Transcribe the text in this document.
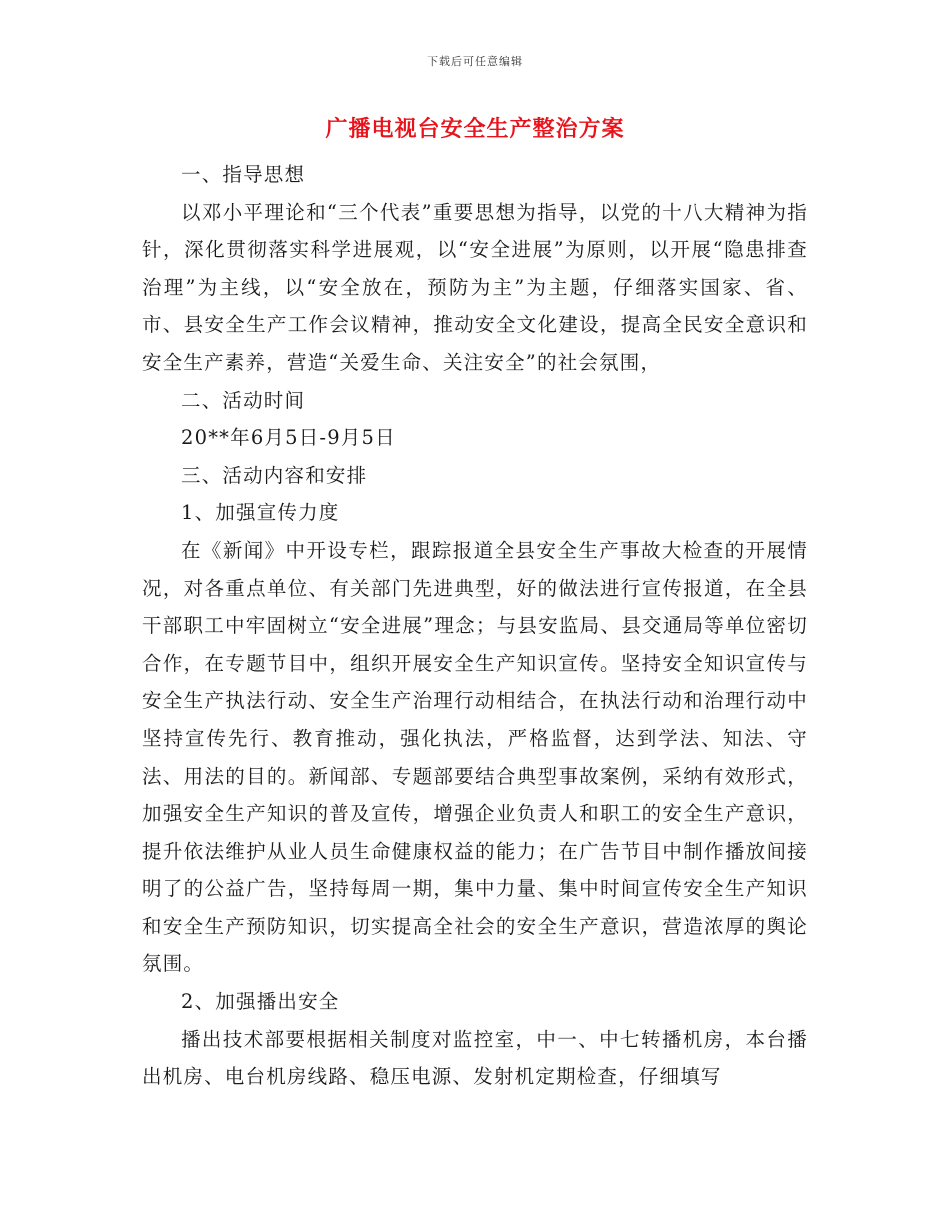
下载后可任意编辑
广播电视台安全生产整治方案

一、指导思想

以邓小平理论和“三个代表”重要思想为指导，以党的十八大精神为指针，深化贯彻落实科学进展观，以“安全进展”为原则，以开展“隐患排查治理”为主线，以“安全放在，预防为主”为主题，仔细落实国家、省、市、县安全生产工作会议精神，推动安全文化建设，提高全民安全意识和安全生产素养，营造“关爱生命、关注安全”的社会氛围，

二、活动时间

20**年6月5日-9月5日

三、活动内容和安排

1、加强宣传力度

在《新闻》中开设专栏，跟踪报道全县安全生产事故大检查的开展情况，对各重点单位、有关部门先进典型，好的做法进行宣传报道，在全县干部职工中牢固树立“安全进展”理念；与县安监局、县交通局等单位密切合作，在专题节目中，组织开展安全生产知识宣传。坚持安全知识宣传与安全生产执法行动、安全生产治理行动相结合，在执法行动和治理行动中坚持宣传先行、教育推动，强化执法，严格监督，达到学法、知法、守法、用法的目的。新闻部、专题部要结合典型事故案例，采纳有效形式，加强安全生产知识的普及宣传，增强企业负责人和职工的安全生产意识，提升依法维护从业人员生命健康权益的能力；在广告节目中制作播放间接明了的公益广告，坚持每周一期，集中力量、集中时间宣传安全生产知识和安全生产预防知识，切实提高全社会的安全生产意识，营造浓厚的舆论氛围。

2、加强播出安全

播出技术部要根据相关制度对监控室，中一、中七转播机房，本台播出机房、电台机房线路、稳压电源、发射机定期检查，仔细填写
